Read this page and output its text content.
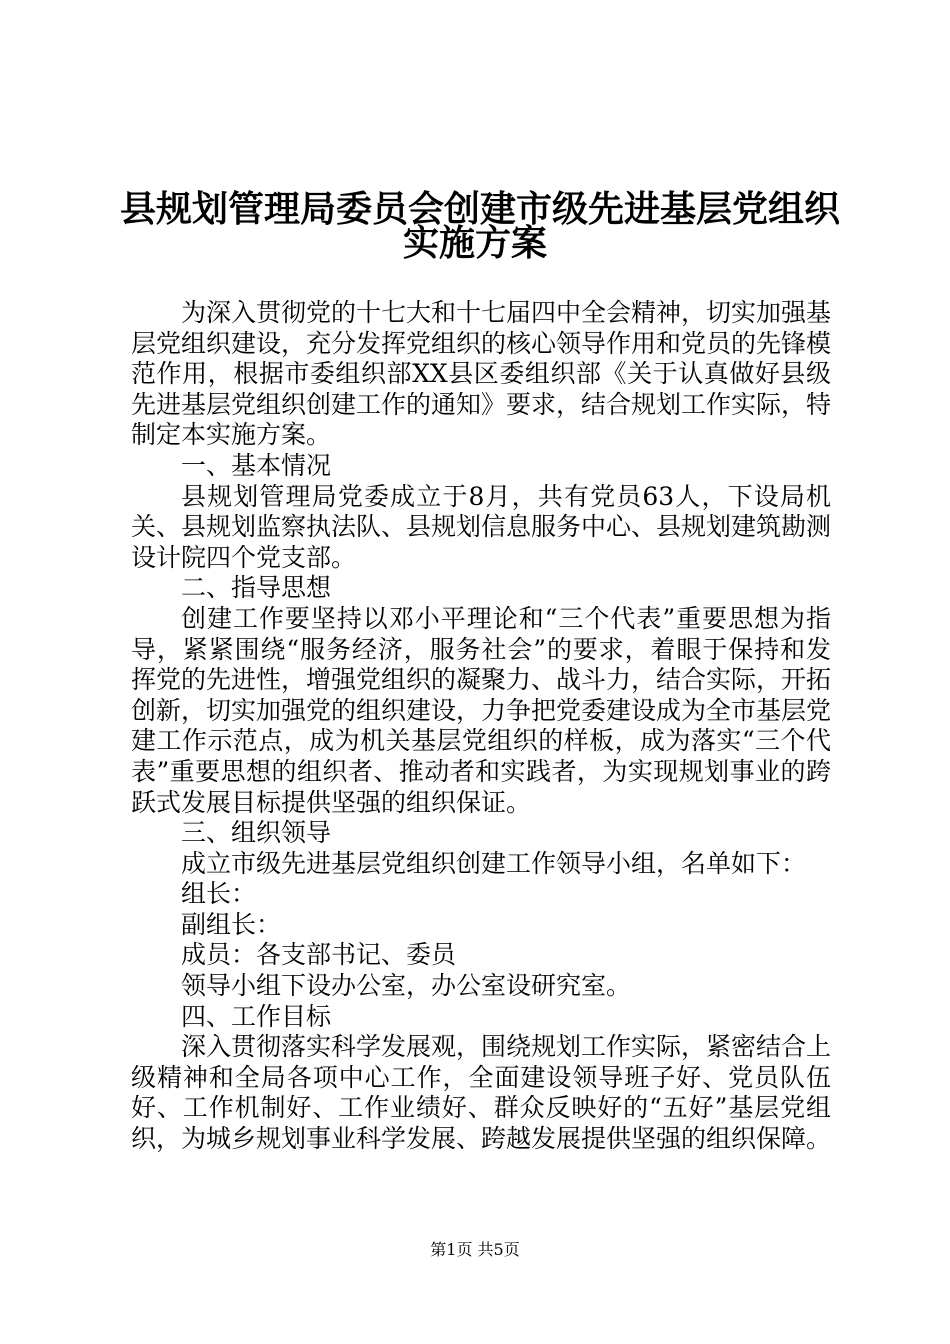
县规划管理局委员会创建市级先进基层党组织
实施方案

为深入贯彻党的十七大和十七届四中全会精神，切实加强基层党组织建设，充分发挥党组织的核心领导作用和党员的先锋模范作用，根据市委组织部XX县区委组织部《关于认真做好县级先进基层党组织创建工作的通知》要求，结合规划工作实际，特制定本实施方案。

一、基本情况

县规划管理局党委成立于8月，共有党员63人，下设局机关、县规划监察执法队、县规划信息服务中心、县规划建筑勘测设计院四个党支部。

二、指导思想

创建工作要坚持以邓小平理论和“三个代表”重要思想为指导，紧紧围绕“服务经济，服务社会”的要求，着眼于保持和发挥党的先进性，增强党组织的凝聚力、战斗力，结合实际，开拓创新，切实加强党的组织建设，力争把党委建设成为全市基层党建工作示范点，成为机关基层党组织的样板，成为落实“三个代表”重要思想的组织者、推动者和实践者，为实现规划事业的跨跃式发展目标提供坚强的组织保证。

三、组织领导

成立市级先进基层党组织创建工作领导小组，名单如下：

组长：

副组长：

成员：各支部书记、委员

领导小组下设办公室，办公室设研究室。

四、工作目标

深入贯彻落实科学发展观，围绕规划工作实际，紧密结合上级精神和全局各项中心工作，全面建设领导班子好、党员队伍好、工作机制好、工作业绩好、群众反映好的“五好”基层党组织，为城乡规划事业科学发展、跨越发展提供坚强的组织保障。

第1页 共5页
